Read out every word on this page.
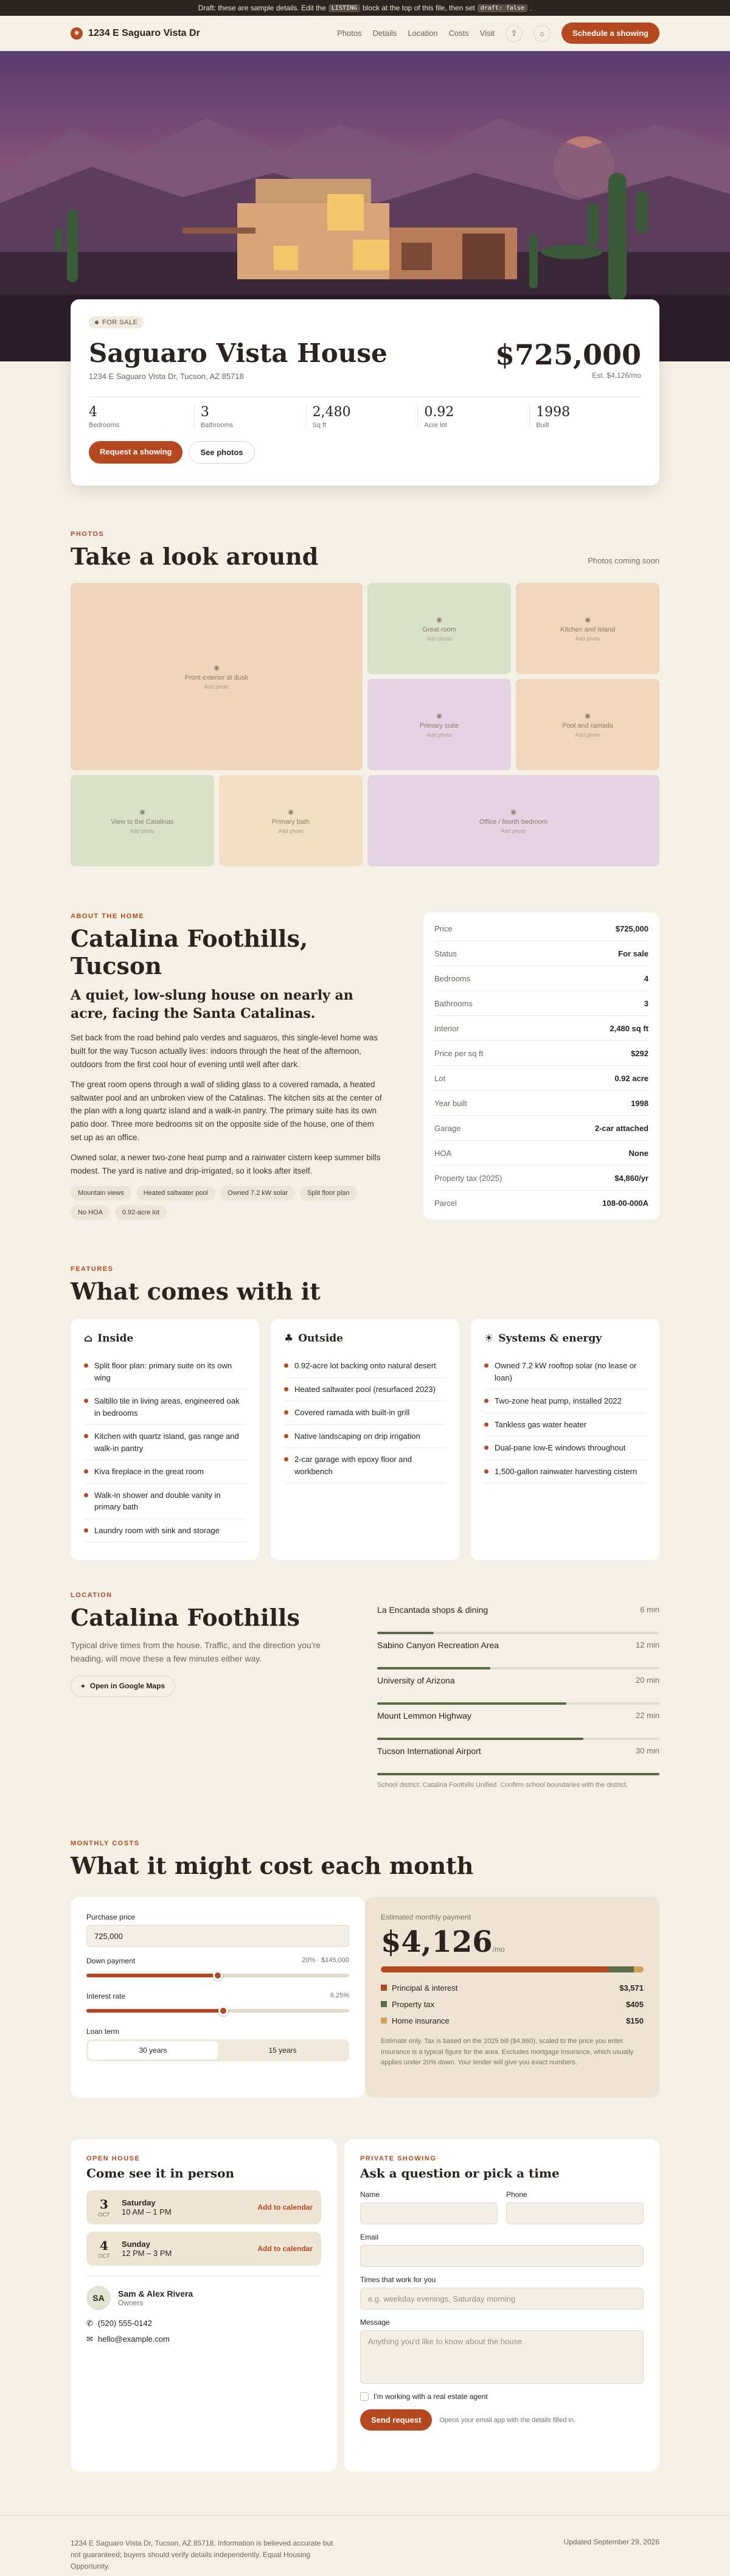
Draft: these are sample details. Edit the LISTING block at the top of this file, then set draft: false .
☀ 1234 E Saguaro Vista Dr	Photos Details Location Costs Visit	⇪	☼	Schedule a showing
FOR SALE
Saguaro Vista House
1234 E Saguaro Vista Dr, Tucson, AZ 85718
$725,000
Est. $4,126/mo
4
Bedrooms
3
Bathrooms
2,480
Sq ft
0.92
Acre lot
1998
Built
Request a showing	See photos
PHOTOS
Take a look around	Photos coming soon
◉
Front exterior at dusk
Add photo
◉
Great room
Add photo
◉
Kitchen and island
Add photo
◉
Primary suite
Add photo
◉
Pool and ramada
Add photo
◉
View to the Catalinas
Add photo
◉
Primary bath
Add photo
◉
Office / fourth bedroom
Add photo
ABOUT THE HOME
Catalina Foothills, Tucson
A quiet, low-slung house on nearly an acre, facing the Santa Catalinas.

Set back from the road behind palo verdes and saguaros, this single-level home was built for the way Tucson actually lives: indoors through the heat of the afternoon, outdoors from the first cool hour of evening until well after dark.

The great room opens through a wall of sliding glass to a covered ramada, a heated saltwater pool and an unbroken view of the Catalinas. The kitchen sits at the center of the plan with a long quartz island and a walk-in pantry. The primary suite has its own patio door. Three more bedrooms sit on the opposite side of the house, one of them set up as an office.

Owned solar, a newer two-zone heat pump and a rainwater cistern keep summer bills modest. The yard is native and drip-irrigated, so it looks after itself.

Mountain views	Heated saltwater pool	Owned 7.2 kW solar	Split floor plan No HOA	0.92-acre lot
Price	$725,000
Status	For sale
Bedrooms	4
Bathrooms	3
Interior	2,480 sq ft
Price per sq ft	$292
Lot	0.92 acre
Year built	1998
Garage	2-car attached
HOA	None
Property tax (2025)	$4,860/yr
Parcel	108-00-000A
FEATURES
What comes with it
⌂ Inside
Split floor plan: primary suite on its own wing
Saltillo tile in living areas, engineered oak in bedrooms
Kitchen with quartz island, gas range and walk-in pantry
Kiva fireplace in the great room
Walk-in shower and double vanity in primary bath
Laundry room with sink and storage
♣ Outside
0.92-acre lot backing onto natural desert
Heated saltwater pool (resurfaced 2023)
Covered ramada with built-in grill
Native landscaping on drip irrigation
2-car garage with epoxy floor and workbench
☀ Systems & energy
Owned 7.2 kW rooftop solar (no lease or loan)
Two-zone heat pump, installed 2022
Tankless gas water heater
Dual-pane low-E windows throughout
1,500-gallon rainwater harvesting cistern
LOCATION
Catalina Foothills

Typical drive times from the house. Traffic, and the direction you're heading, will move these a few minutes either way.

⌖ Open in Google Maps
La Encantada shops & dining	6 min
Sabino Canyon Recreation Area	12 min
University of Arizona	20 min
Mount Lemmon Highway	22 min
Tucson International Airport	30 min
School district: Catalina Foothills Unified. Confirm school boundaries with the district.
MONTHLY COSTS
What it might cost each month
Purchase price
725,000
Down payment	20% · $145,000
Interest rate	6.25%
Loan term
30 years	15 years
Estimated monthly payment
$4,126/mo
Principal & interest	$3,571
Property tax	$405
Home insurance	$150

Estimate only. Tax is based on the 2025 bill ($4,860), scaled to the price you enter. Insurance is a typical figure for the area. Excludes mortgage insurance, which usually applies under 20% down. Your lender will give you exact numbers.

OPEN HOUSE
Come see it in person
3
OCT
Saturday
10 AM – 1 PM	Add to calendar
4
OCT
Sunday
12 PM – 3 PM	Add to calendar
SA	Sam & Alex Rivera
Owners
✆ (520) 555-0142
✉ hello@example.com
PRIVATE SHOWING
Ask a question or pick a time
Name	Phone
Email
Times that work for you
e.g. weekday evenings, Saturday morning
Message
Anything you'd like to know about the house
I'm working with a real estate agent
Send request	Opens your email app with the details filled in.
1234 E Saguaro Vista Dr, Tucson, AZ 85718. Information is believed accurate but not guaranteed; buyers should verify details independently. Equal Housing Opportunity.
Updated September 29, 2026
